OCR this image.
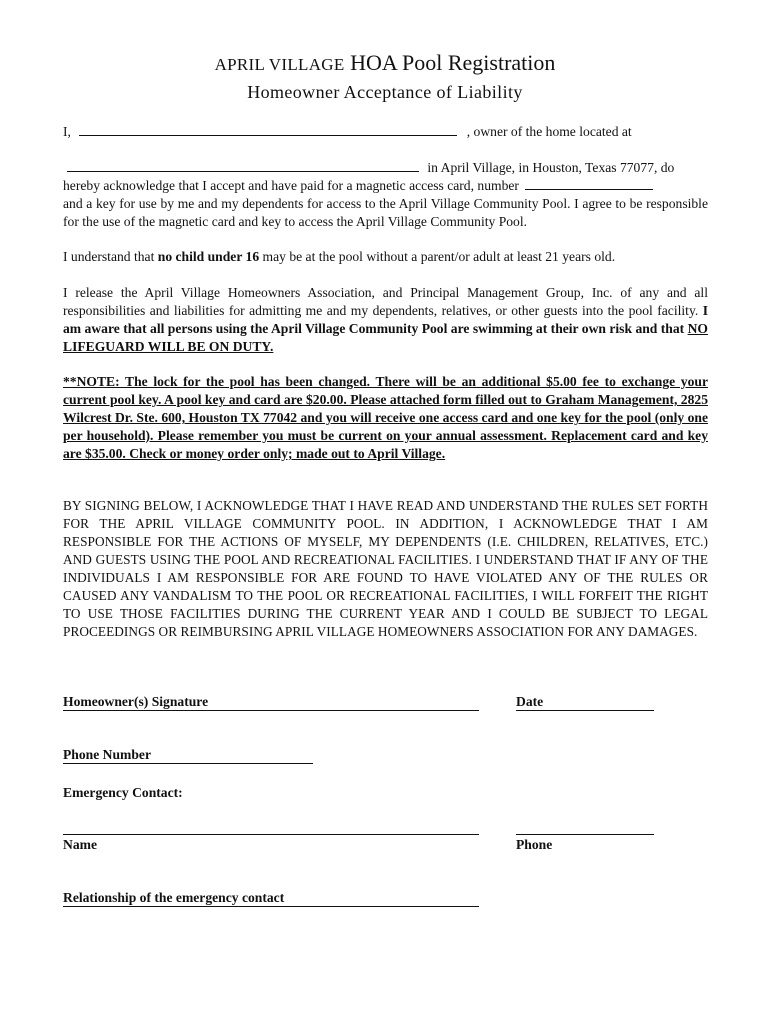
APRIL VILLAGE HOA Pool Registration
Homeowner Acceptance of Liability
I,	, owner of the home located at
in April Village, in Houston, Texas 77077, do
hereby acknowledge that I accept and have paid for a magnetic access card, number
and a key for use by me and my dependents for access to the April Village Community Pool. I agree to be responsible for the use of the magnetic card and key to access the April Village Community Pool.
I understand that no child under 16 may be at the pool without a parent/or adult at least 21 years old.
I release the April Village Homeowners Association, and Principal Management Group, Inc. of any and all responsibilities and liabilities for admitting me and my dependents, relatives, or other guests into the pool facility. I am aware that all persons using the April Village Community Pool are swimming at their own risk and that NO LIFEGUARD WILL BE ON DUTY.
**NOTE: The lock for the pool has been changed. There will be an additional $5.00 fee to exchange your current pool key. A pool key and card are $20.00. Please attached form filled out to Graham Management, 2825 Wilcrest Dr. Ste. 600, Houston TX 77042 and you will receive one access card and one key for the pool (only one per household). Please remember you must be current on your annual assessment. Replacement card and key are $35.00. Check or money order only; made out to April Village.
BY SIGNING BELOW, I ACKNOWLEDGE THAT I HAVE READ AND UNDERSTAND THE RULES SET FORTH FOR THE APRIL VILLAGE COMMUNITY POOL. IN ADDITION, I ACKNOWLEDGE THAT I AM RESPONSIBLE FOR THE ACTIONS OF MYSELF, MY DEPENDENTS (I.E. CHILDREN, RELATIVES, ETC.) AND GUESTS USING THE POOL AND RECREATIONAL FACILITIES. I UNDERSTAND THAT IF ANY OF THE INDIVIDUALS I AM RESPONSIBLE FOR ARE FOUND TO HAVE VIOLATED ANY OF THE RULES OR CAUSED ANY VANDALISM TO THE POOL OR RECREATIONAL FACILITIES, I WILL FORFEIT THE RIGHT TO USE THOSE FACILITIES DURING THE CURRENT YEAR AND I COULD BE SUBJECT TO LEGAL PROCEEDINGS OR REIMBURSING APRIL VILLAGE HOMEOWNERS ASSOCIATION FOR ANY DAMAGES.
Homeowner(s) Signature	Date
Phone Number
Emergency Contact:
Name	Phone
Relationship of the emergency contact
